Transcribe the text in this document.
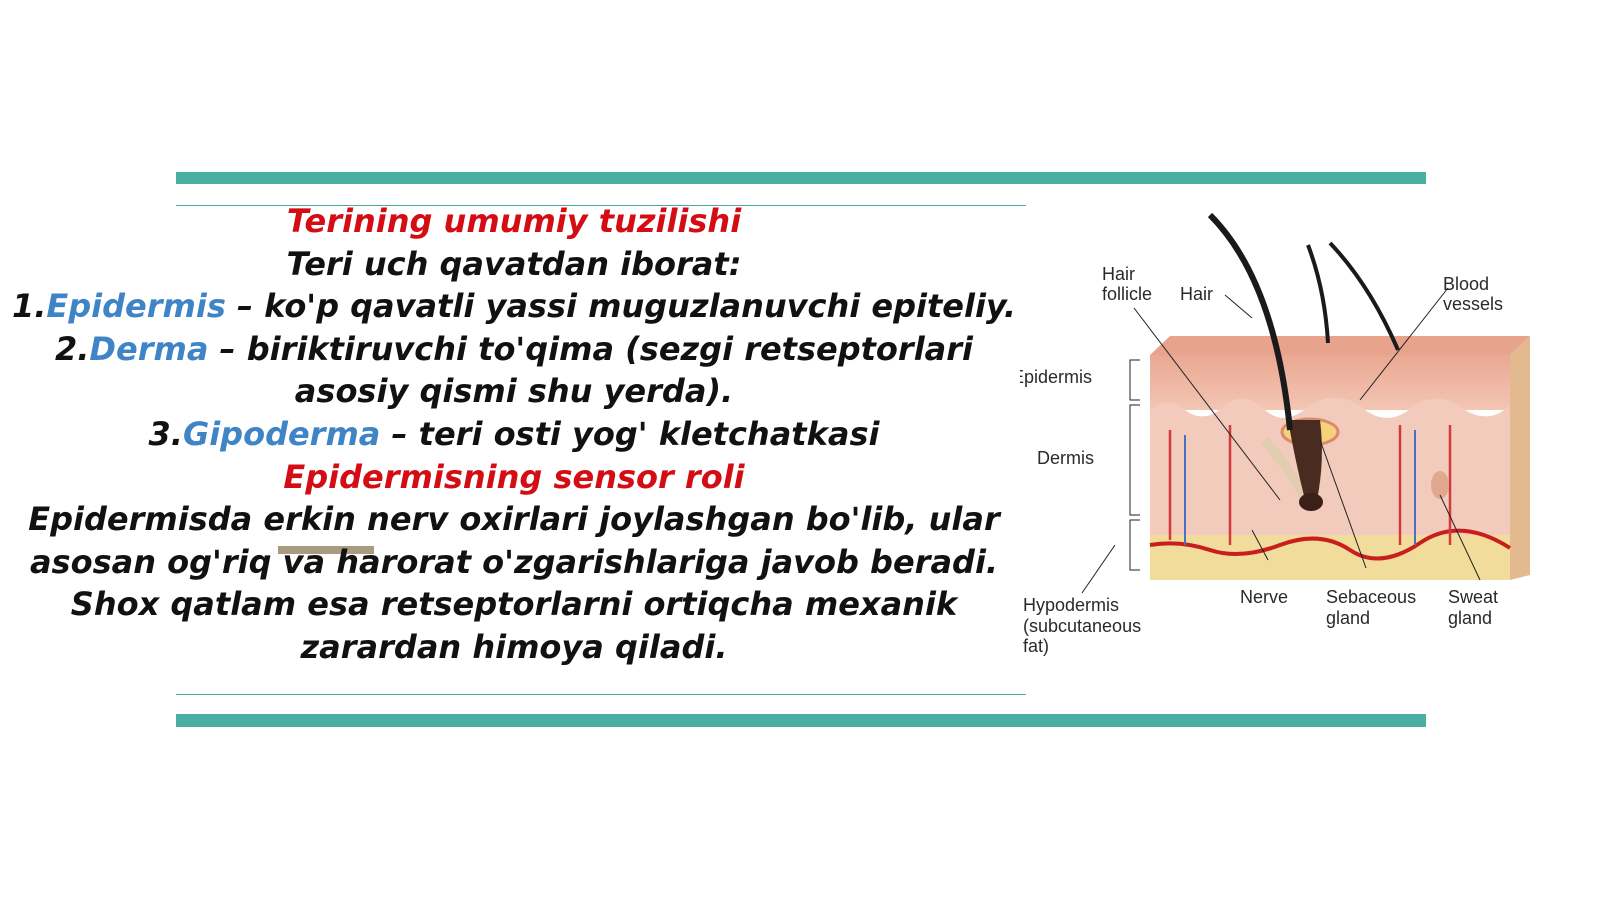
Terining umumiy tuzilishi
Teri uch qavatdan iborat:
1.Epidermis – ko'p qavatli yassi muguzlanuvchi epiteliy.
2.Derma – biriktiruvchi to'qima (sezgi retseptorlari asosiy qismi shu yerda).
3.Gipoderma – teri osti yog' kletchatkasi
Epidermisning sensor roli
Epidermisda erkin nerv oxirlari joylashgan bo'lib, ular asosan og'riq va harorat o'zgarishlariga javob beradi. Shox qatlam esa retseptorlarni ortiqcha mexanik zarardan himoya qiladi.
Hair follicle Hair	Blood vessels
Epidermis
Dermis
Hypodermis (subcutaneous fat)
Nerve Sebaceous gland
Sweat gland
